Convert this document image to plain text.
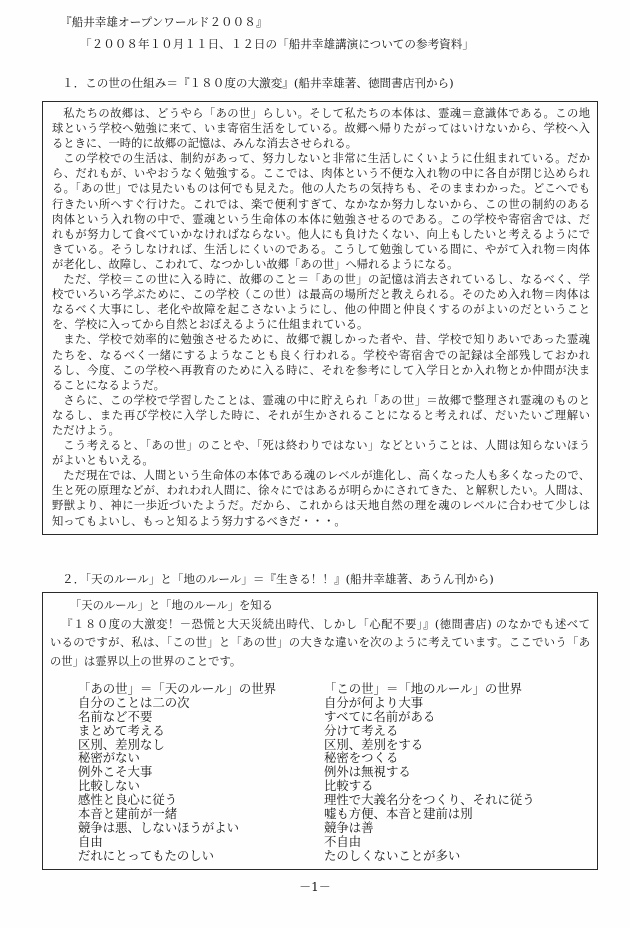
『船井幸雄オープンワールド２００８』
「２００８年１０月１１日、１２日の「船井幸雄講演についての参考資料」
１．この世の仕組み＝『１８０度の大激変』(船井幸雄著、徳間書店刊から)
私たちの故郷は、どうやら「あの世」らしい。そして私たちの本体は、霊魂＝意識体である。この地
球という学校へ勉強に来て、いま寄宿生活をしている。故郷へ帰りたがってはいけないから、学校へ入
るときに、一時的に故郷の記憶は、みんな消去させられる。
この学校での生活は、制約があって、努力しないと非常に生活しにくいように仕組まれている。だか
ら、だれもが、いやおうなく勉強する。ここでは、肉体という不便な入れ物の中に各自が閉じ込められ
る。「あの世」では見たいものは何でも見えた。他の人たちの気持ちも、そのままわかった。どこへでも
行きたい所へすぐ行けた。これでは、楽で便利すぎて、なかなか努力しないから、この世の制約のある
肉体という入れ物の中で、霊魂という生命体の本体に勉強させるのである。この学校や寄宿舎では、だ
れもが努力して食べていかなければならない。他人にも負けたくない、向上もしたいと考えるようにで
きている。そうしなければ、生活しにくいのである。こうして勉強している間に、やがて入れ物＝肉体
が老化し、故障し、こわれて、なつかしい故郷「あの世」へ帰れるようになる。
ただ、学校＝この世に入る時に、故郷のこと＝「あの世」の記憶は消去されているし、なるべく、学
校でいろいろ学ぶために、この学校（この世）は最高の場所だと教えられる。そのため入れ物＝肉体は
なるべく大事にし、老化や故障を起こさないようにし、他の仲間と仲良くするのがよいのだということ
を、学校に入ってから自然とおぼえるように仕組まれている。
また、学校で効率的に勉強させるために、故郷で親しかった者や、昔、学校で知りあいであった霊魂
たちを、なるべく一緒にするようなことも良く行われる。学校や寄宿舎での記録は全部残しておかれ
るし、今度、この学校へ再教育のために入る時に、それを参考にして入学日とか入れ物とか仲間が決ま
ることになるようだ。
さらに、この学校で学習したことは、霊魂の中に貯えられ「あの世」＝故郷で整理され霊魂のものと
なるし、また再び学校に入学した時に、それが生かされることになると考えれば、だいたいご理解い
ただけよう。
こう考えると、「あの世」のことや、「死は終わりではない」などということは、人間は知らないほう
がよいともいえる。
ただ現在では、人間という生命体の本体である魂のレベルが進化し、高くなった人も多くなったので、
生と死の原理などが、われわれ人間に、徐々にではあるが明らかにされてきた、と解釈したい。人間は、
野獣より、神に一歩近づいたようだ。だから、これからは天地自然の理を魂のレベルに合わせて少しは
知ってもよいし、もっと知るよう努力するべきだ・・・。
２．「天のルール」と「地のルール」＝『生きる！！』(船井幸雄著、あうん刊から)
「天のルール」と「地のルール」を知る
『１８０度の大激変！－恐慌と大天災続出時代、しかし「心配不要」』(徳間書店) のなかでも述べて
いるのですが、私は、「この世」と「あの世」の大きな違いを次のように考えています。ここでいう「あ
の世」は霊界以上の世界のことです。
「あの世」＝「天のルール」の世界
自分のことは二の次
名前など不要
まとめて考える
区別、差別なし
秘密がない
例外こそ大事
比較しない
感性と良心に従う
本音と建前が一緒
競争は悪、しないほうがよい
自由
だれにとってもたのしい
「この世」＝「地のルール」の世界
自分が何より大事
すべてに名前がある
分けて考える
区別、差別をする
秘密をつくる
例外は無視する
比較する
理性で大義名分をつくり、それに従う
嘘も方便、本音と建前は別
競争は善
不自由
たのしくないことが多い
－1－
